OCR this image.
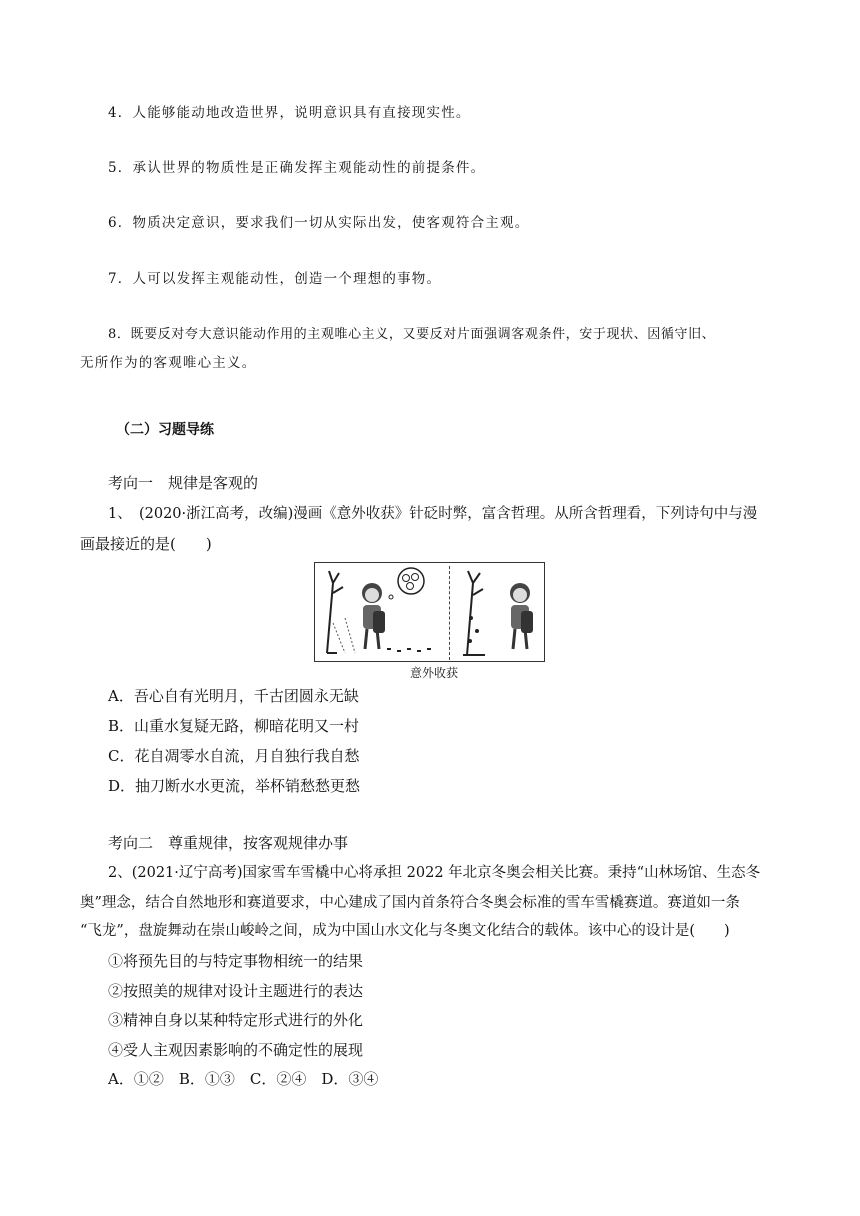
4．人能够能动地改造世界，说明意识具有直接现实性。
5．承认世界的物质性是正确发挥主观能动性的前提条件。
6．物质决定意识，要求我们一切从实际出发，使客观符合主观。
7．人可以发挥主观能动性，创造一个理想的事物。
8．既要反对夸大意识能动作用的主观唯心主义，又要反对片面强调客观条件，安于现状、因循守旧、
无所作为的客观唯心主义。
（二）习题导练
考向一　规律是客观的
1、　(2020·浙江高考，改编)漫画《意外收获》针砭时弊，富含哲理。从所含哲理看，下列诗句中与漫
画最接近的是(　　)
意外收获
A．吾心自有光明月，千古团圆永无缺
B．山重水复疑无路，柳暗花明又一村
C．花自凋零水自流，月自独行我自愁
D．抽刀断水水更流，举杯销愁愁更愁
考向二　尊重规律，按客观规律办事
2、(2021·辽宁高考)国家雪车雪橇中心将承担 2022 年北京冬奥会相关比赛。秉持“山林场馆、生态冬
奥”理念，结合自然地形和赛道要求，中心建成了国内首条符合冬奥会标准的雪车雪橇赛道。赛道如一条
“飞龙”，盘旋舞动在崇山峻岭之间，成为中国山水文化与冬奥文化结合的载体。该中心的设计是(　　)
①将预先目的与特定事物相统一的结果
②按照美的规律对设计主题进行的表达
③精神自身以某种特定形式进行的外化
④受人主观因素影响的不确定性的展现
A．①②　B．①③　C．②④　D．③④
